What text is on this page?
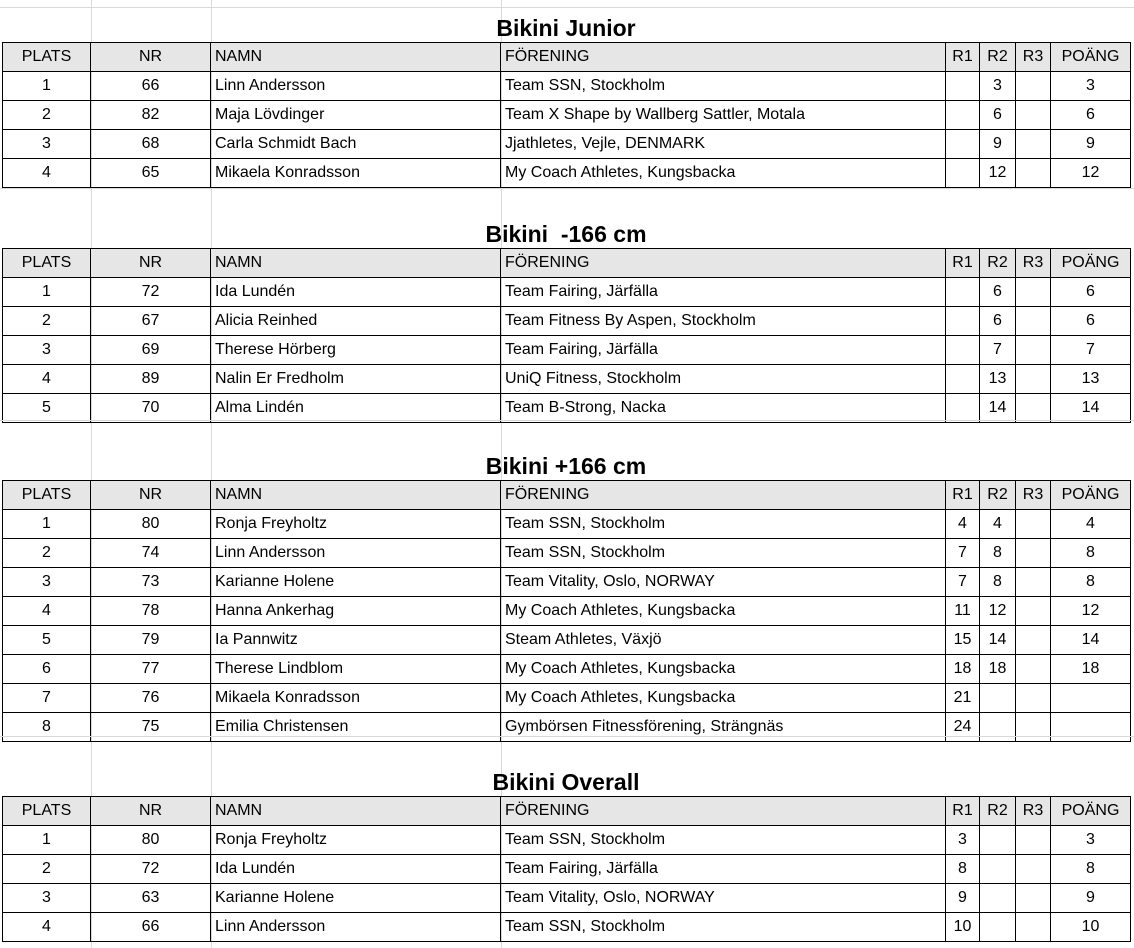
Bikini Junior
PLATS	NR	NAMN	FÖRENING	R1	R2	R3	POÄNG
1	66	Linn Andersson	Team SSN, Stockholm		3		3
2	82	Maja Lövdinger	Team X Shape by Wallberg Sattler, Motala		6		6
3	68	Carla Schmidt Bach	Jjathletes, Vejle, DENMARK		9		9
4	65	Mikaela Konradsson	My Coach Athletes, Kungsbacka		12		12
Bikini  -166 cm
PLATS	NR	NAMN	FÖRENING	R1	R2	R3	POÄNG
1	72	Ida Lundén	Team Fairing, Järfälla		6		6
2	67	Alicia Reinhed	Team Fitness By Aspen, Stockholm		6		6
3	69	Therese Hörberg	Team Fairing, Järfälla		7		7
4	89	Nalin Er Fredholm	UniQ Fitness, Stockholm		13		13
5	70	Alma Lindén	Team B-Strong, Nacka		14		14
Bikini +166 cm
PLATS	NR	NAMN	FÖRENING	R1	R2	R3	POÄNG
1	80	Ronja Freyholtz	Team SSN, Stockholm	4	4		4
2	74	Linn Andersson	Team SSN, Stockholm	7	8		8
3	73	Karianne Holene	Team Vitality, Oslo, NORWAY	7	8		8
4	78	Hanna Ankerhag	My Coach Athletes, Kungsbacka	11	12		12
5	79	Ia Pannwitz	Steam Athletes, Växjö	15	14		14
6	77	Therese Lindblom	My Coach Athletes, Kungsbacka	18	18		18
7	76	Mikaela Konradsson	My Coach Athletes, Kungsbacka	21			
8	75	Emilia Christensen	Gymbörsen Fitnessförening, Strängnäs	24			
Bikini Overall
PLATS	NR	NAMN	FÖRENING	R1	R2	R3	POÄNG
1	80	Ronja Freyholtz	Team SSN, Stockholm	3			3
2	72	Ida Lundén	Team Fairing, Järfälla	8			8
3	63	Karianne Holene	Team Vitality, Oslo, NORWAY	9			9
4	66	Linn Andersson	Team SSN, Stockholm	10			10
